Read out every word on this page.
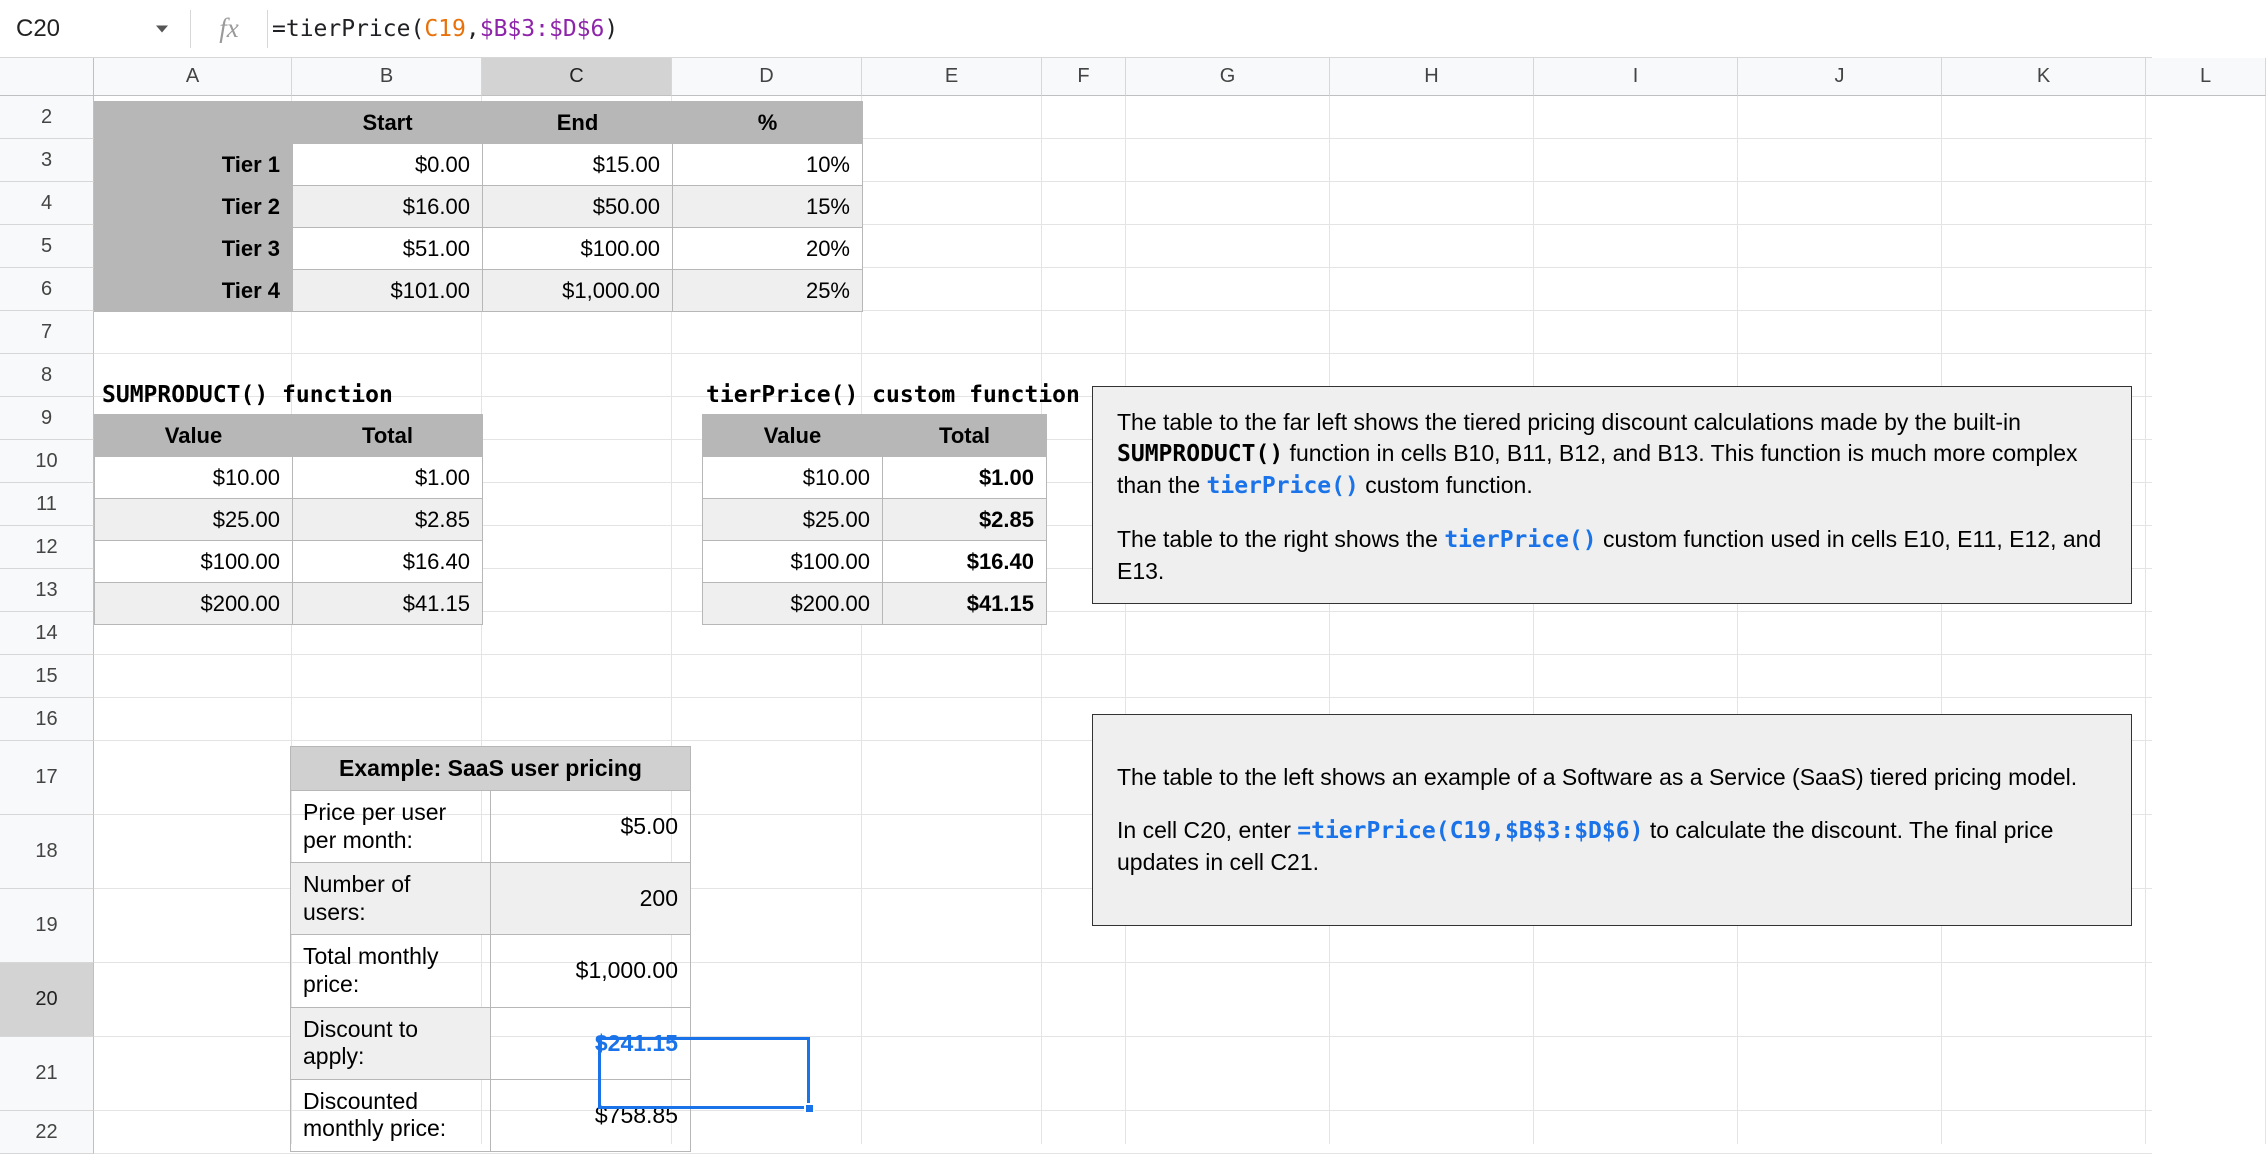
C20	fx	=tierPrice( C19 , $B$3:$D$6 )
A	B	C	D	E	F	G	H	I	J	K	L
2
3
4
5
6
7
8
9
10
11
12
13
14
15
16
17
18
19
20
21
22
	Start	End	%
Tier 1	$0.00	$15.00	10%
Tier 2	$16.00	$50.00	15%
Tier 3	$51.00	$100.00	20%
Tier 4	$101.00	$1,000.00	25%
SUMPRODUCT() function
Value	Total
$10.00	$1.00
$25.00	$2.85
$100.00	$16.40
$200.00	$41.15
tierPrice() custom function
Value	Total
$10.00	$1.00
$25.00	$2.85
$100.00	$16.40
$200.00	$41.15
Example: SaaS user pricing	
Price per user per month:	$5.00
Number of users:	200
Total monthly price:	$1,000.00
Discount to apply:	$241.15
Discounted monthly price:	$758.85

The table to the far left shows the tiered pricing discount calculations made by the built-in SUMPRODUCT() function in cells B10, B11, B12, and B13. This function is much more complex than the tierPrice() custom function.

The table to the right shows the tierPrice() custom function used in cells E10, E11, E12, and E13.

The table to the left shows an example of a Software as a Service (SaaS) tiered pricing model.

In cell C20, enter =tierPrice(C19,$B$3:$D$6) to calculate the discount. The final price updates in cell C21.
